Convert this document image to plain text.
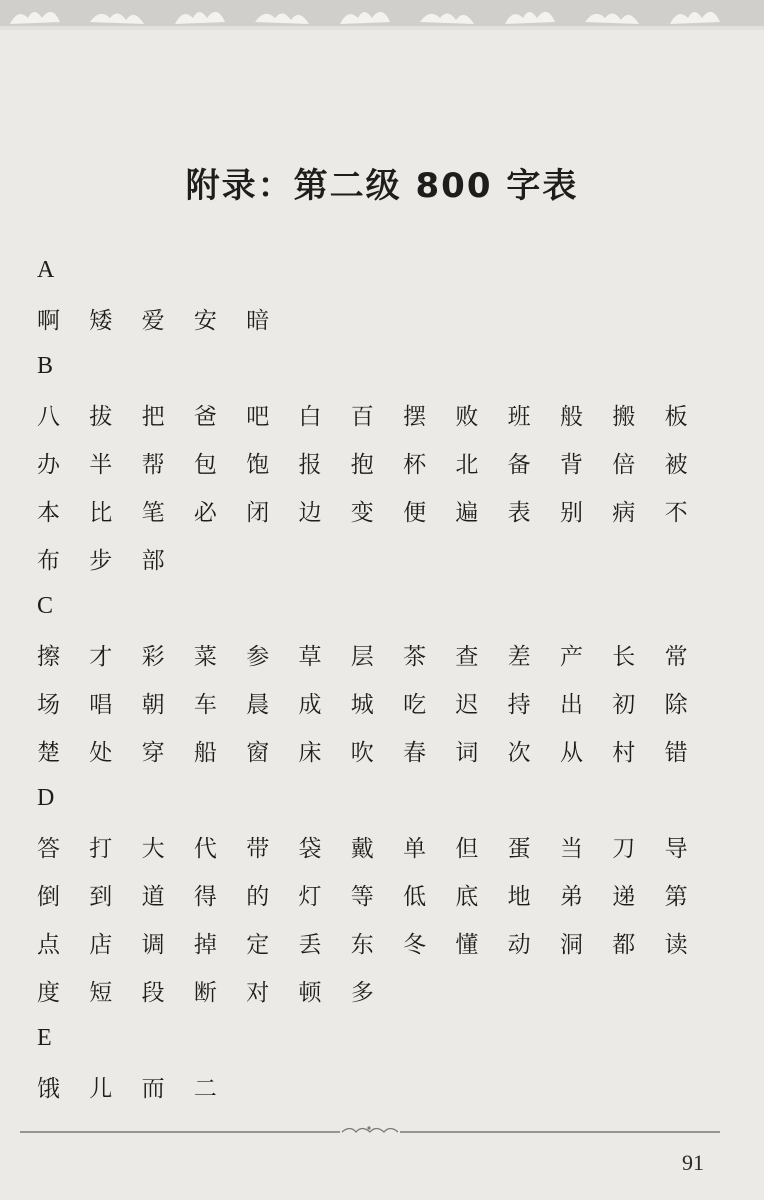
附录：第二级 800 字表
A
啊	矮	爱	安	暗
B
八	拔	把	爸	吧	白	百	摆	败	班	般	搬	板
办	半	帮	包	饱	报	抱	杯	北	备	背	倍	被
本	比	笔	必	闭	边	变	便	遍	表	别	病	不
布	步	部
C
擦	才	彩	菜	参	草	层	茶	查	差	产	长	常
场	唱	朝	车	晨	成	城	吃	迟	持	出	初	除
楚	处	穿	船	窗	床	吹	春	词	次	从	村	错
D
答	打	大	代	带	袋	戴	单	但	蛋	当	刀	导
倒	到	道	得	的	灯	等	低	底	地	弟	递	第
点	店	调	掉	定	丢	东	冬	懂	动	洞	都	读
度	短	段	断	对	顿	多
E
饿	儿	而	二
91
